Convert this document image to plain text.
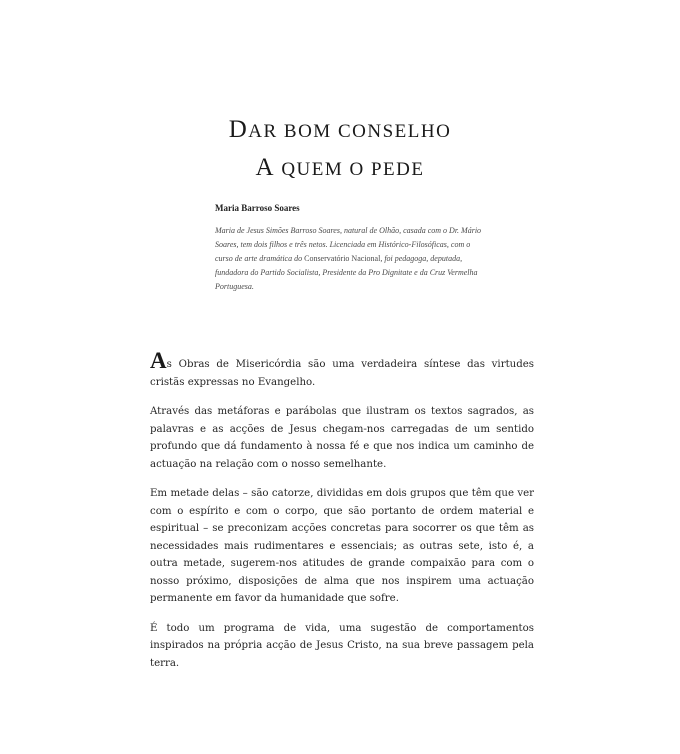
DAR BOM CONSELHO
A QUEM O PEDE
Maria Barroso Soares
Maria de Jesus Simões Barroso Soares, natural de Olhão, casada com o Dr. Mário Soares, tem dois filhos e três netos. Licenciada em Histórico-Filosóficas, com o curso de arte dramática do Conservatório Nacional, foi pedagoga, deputada, fundadora do Partido Socialista, Presidente da Pro Dignitate e da Cruz Vermelha Portuguesa.

As Obras de Misericórdia são uma verdadeira síntese das virtudes cristãs expressas no Evangelho.

Através das metáforas e parábolas que ilustram os textos sagrados, as palavras e as acções de Jesus chegam-nos carregadas de um sentido profundo que dá fundamento à nossa fé e que nos indica um caminho de actuação na relação com o nosso semelhante.

Em metade delas – são catorze, divididas em dois grupos que têm que ver com o espírito e com o corpo, que são portanto de ordem material e espiritual – se preconizam acções concretas para socorrer os que têm as necessidades mais rudimentares e essenciais; as outras sete, isto é, a outra metade, sugerem-nos atitudes de grande compaixão para com o nosso próximo, disposições de alma que nos inspirem uma actuação permanente em favor da humanidade que sofre.

É todo um programa de vida, uma sugestão de comportamentos inspirados na própria acção de Jesus Cristo, na sua breve passagem pela terra.
